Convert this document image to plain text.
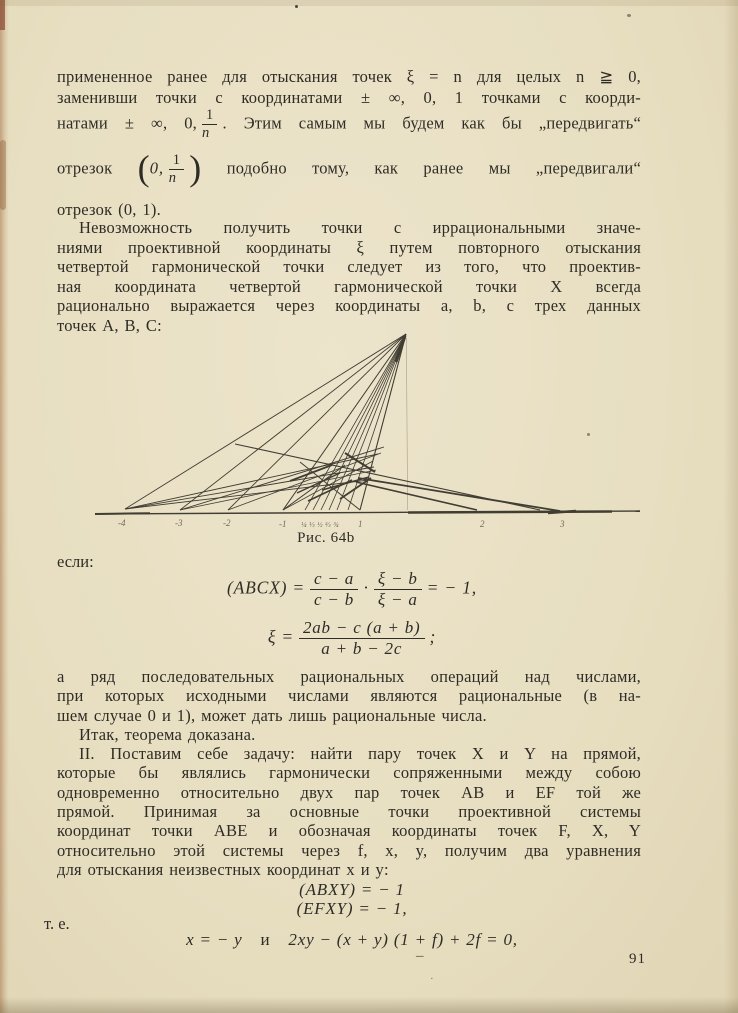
примененное ранее для отыскания точек ξ = n для целых n ≧ 0,
заменивши точки с координатами ± ∞, 0, 1 точками с коорди-
натами ± ∞, 0, $\frac{1}{n}$ . Этим самым мы будем как бы „передвигать“
отрезок (0, $\frac{1}{n}$ ) подобно тому, как ранее мы „передвигали“
отрезок (0, 1).
Невозможность получить точки с иррациональными значе-
ниями проективной координаты ξ путем повторного отыскания
четвертой гармонической точки следует из того, что проектив-
ная координата четвертой гармонической точки X всегда
рационально выражается через координаты a, b, c трех данных
точек A, B, C:
-4	-3	-2	-1 ¼ ⅓ ½ ⅔ ¾ 1	2	3
Рис. 64b
если:
(ABCX) = $\frac{c - a}{c - b} \cdot \frac{\xi - b}{\xi - a}$ = − 1,
$\xi = \frac{2ab - c (a + b)}{a + b - 2c}$ ;
а ряд последовательных рациональных операций над числами,
при которых исходными числами являются рациональные (в на-
шем случае 0 и 1), может дать лишь рациональные числа.
Итак, теорема доказана.
II. Поставим себе задачу: найти пару точек X и Y на прямой,
которые бы являлись гармонически сопряженными между собою
одновременно относительно двух пар точек AB и EF той же
прямой. Принимая за основные точки проективной системы
координат точки ABE и обозначая координаты точек F, X, Y
относительно этой системы через f, x, y, получим два уравнения
для отыскания неизвестных координат x и y:
(ABXY) = − 1
(EFXY) = − 1,
т. е.
x = − y и 2xy − (x + y) (1 + f) + 2f = 0,
–
·
91
